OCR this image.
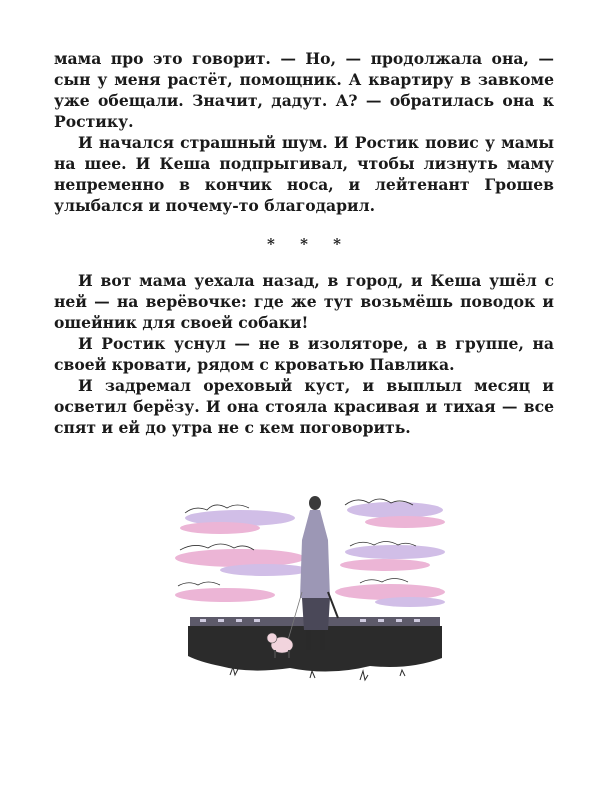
мама про это говорит. — Но, — продолжала она, — сын у меня растёт, помощник. А квартиру в завкоме уже обещали. Значит, дадут. А? — обратилась она к Ростику.

И начался страшный шум. И Ростик повис у мамы на шее. И Кеша подпрыгивал, чтобы лизнуть маму непременно в кончик носа, и лейтенант Грошев улыбался и почему-то благодарил.

* * *

И вот мама уехала назад, в город, и Кеша ушёл с ней — на верёвочке: где же тут возьмёшь поводок и ошейник для своей собаки!

И Ростик уснул — не в изоляторе, а в группе, на своей кровати, рядом с кроватью Павлика.

И задремал ореховый куст, и выплыл месяц и осветил берёзу. И она стояла красивая и тихая — все спят и ей до утра не с кем поговорить.
